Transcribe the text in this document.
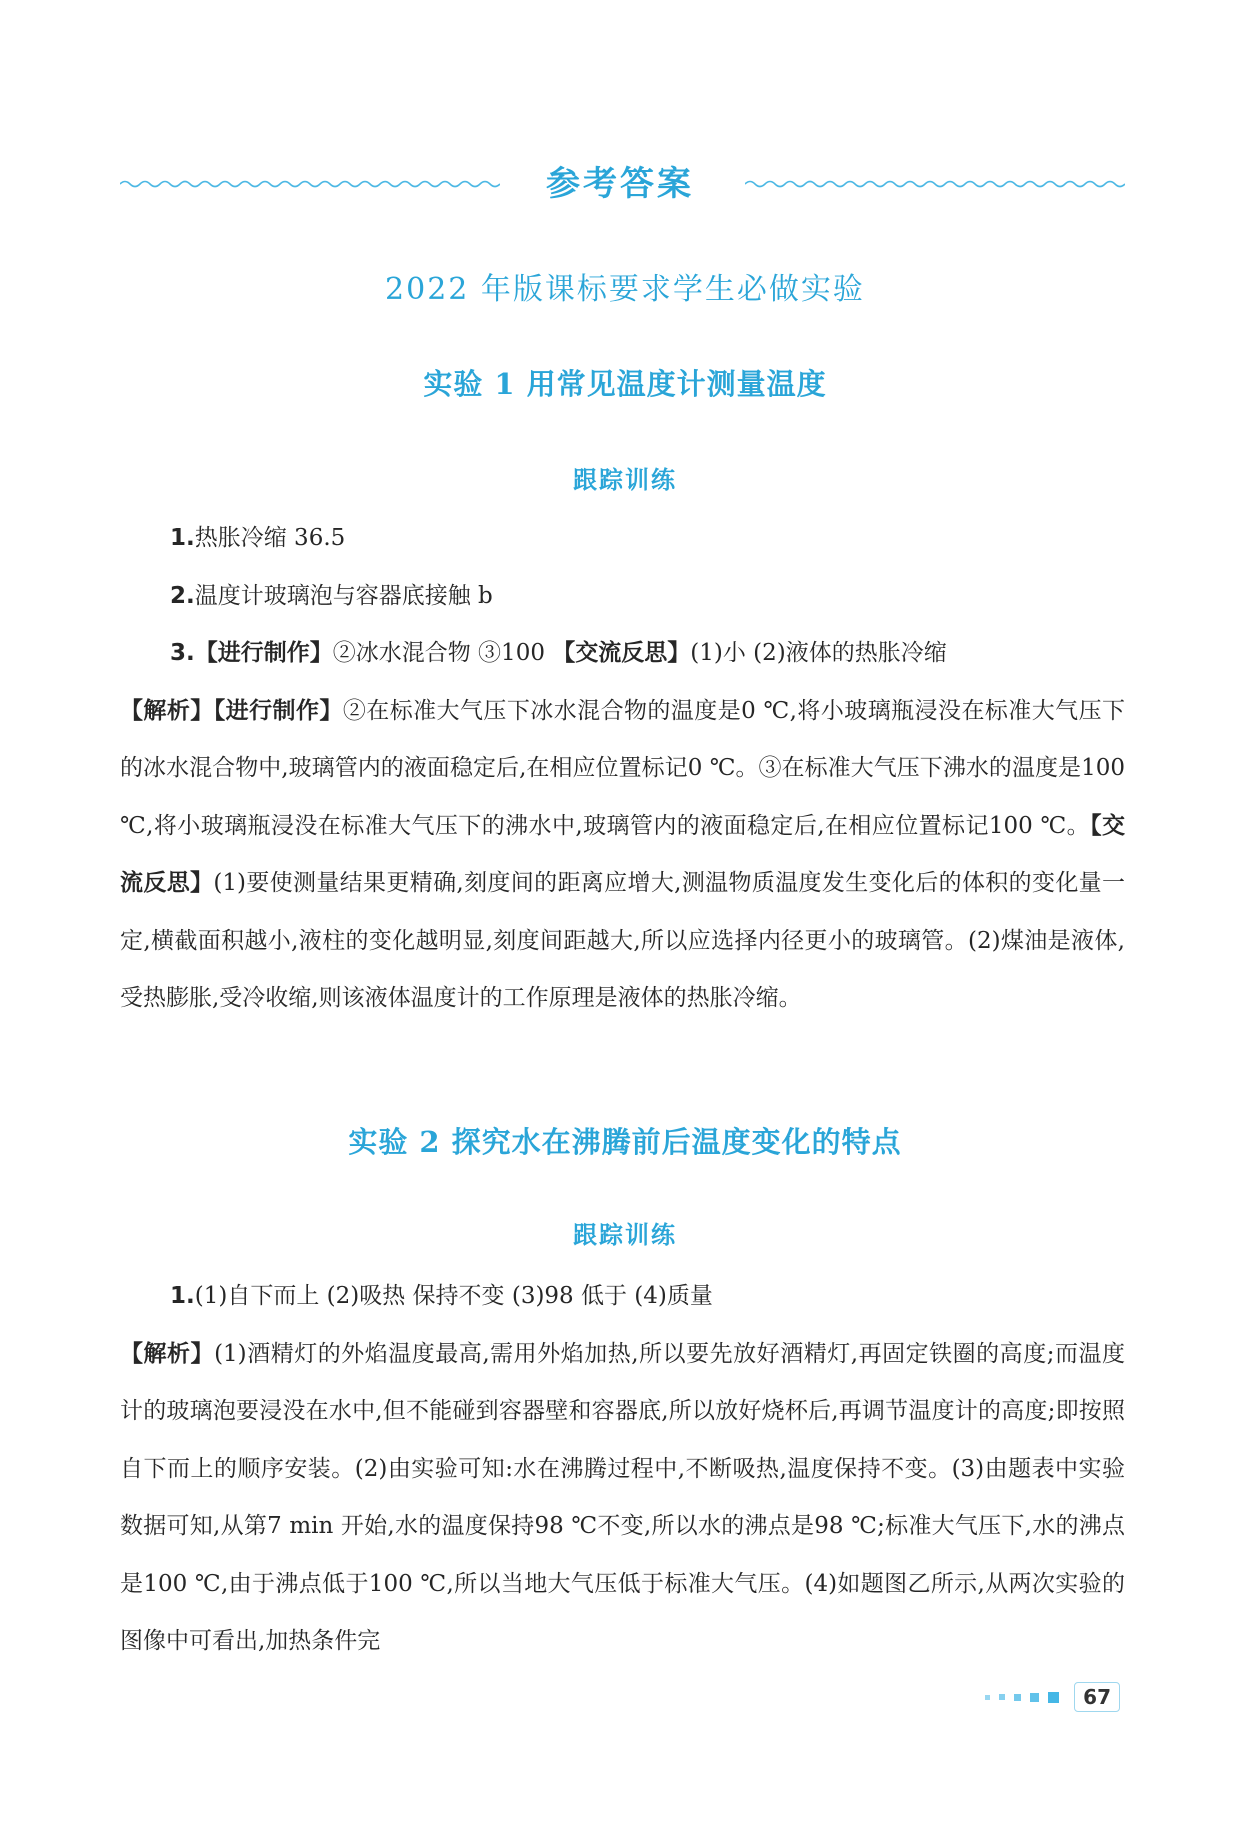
参考答案
2022 年版课标要求学生必做实验
实验 1 用常见温度计测量温度
跟踪训练
1.热胀冷缩 36.5
2.温度计玻璃泡与容器底接触 b
3.【进行制作】②冰水混合物 ③100 【交流反思】(1)小 (2)液体的热胀冷缩
【解析】【进行制作】②在标准大气压下冰水混合物的温度是0 ℃,将小玻璃瓶浸没在标准大气压下的冰水混合物中,玻璃管内的液面稳定后,在相应位置标记0 ℃。③在标准大气压下沸水的温度是100 ℃,将小玻璃瓶浸没在标准大气压下的沸水中,玻璃管内的液面稳定后,在相应位置标记100 ℃。【交流反思】(1)要使测量结果更精确,刻度间的距离应增大,测温物质温度发生变化后的体积的变化量一定,横截面积越小,液柱的变化越明显,刻度间距越大,所以应选择内径更小的玻璃管。(2)煤油是液体,受热膨胀,受冷收缩,则该液体温度计的工作原理是液体的热胀冷缩。
实验 2 探究水在沸腾前后温度变化的特点
跟踪训练
1.(1)自下而上 (2)吸热 保持不变 (3)98 低于 (4)质量
【解析】(1)酒精灯的外焰温度最高,需用外焰加热,所以要先放好酒精灯,再固定铁圈的高度;而温度计的玻璃泡要浸没在水中,但不能碰到容器壁和容器底,所以放好烧杯后,再调节温度计的高度;即按照自下而上的顺序安装。(2)由实验可知:水在沸腾过程中,不断吸热,温度保持不变。(3)由题表中实验数据可知,从第7 min 开始,水的温度保持98 ℃不变,所以水的沸点是98 ℃;标准大气压下,水的沸点是100 ℃,由于沸点低于100 ℃,所以当地大气压低于标准大气压。(4)如题图乙所示,从两次实验的图像中可看出,加热条件完
67
